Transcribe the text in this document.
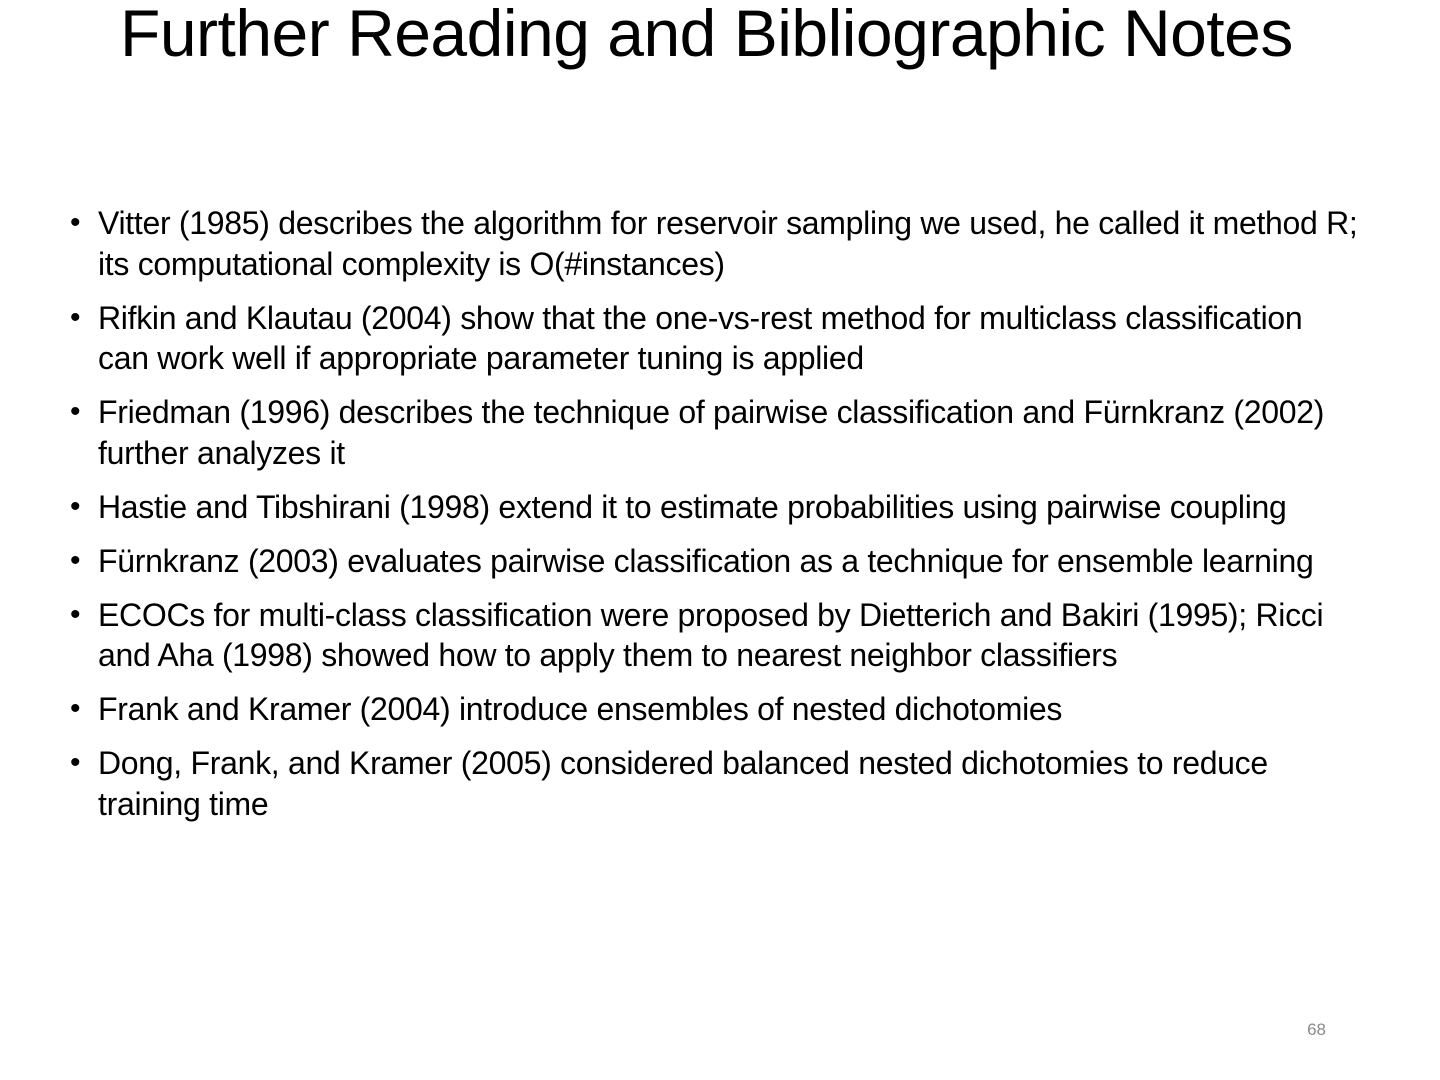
Further Reading and Bibliographic Notes
• Vitter (1985) describes the algorithm for reservoir sampling we used, he called it method R; its computational complexity is O(#instances)
• Rifkin and Klautau (2004) show that the one-vs-rest method for multiclass classification can work well if appropriate parameter tuning is applied
• Friedman (1996) describes the technique of pairwise classification and Fürnkranz (2002) further analyzes it
• Hastie and Tibshirani (1998) extend it to estimate probabilities using pairwise coupling
• Fürnkranz (2003) evaluates pairwise classification as a technique for ensemble learning
• ECOCs for multi-class classification were proposed by Dietterich and Bakiri (1995); Ricci and Aha (1998) showed how to apply them to nearest neighbor classifiers
• Frank and Kramer (2004) introduce ensembles of nested dichotomies
• Dong, Frank, and Kramer (2005) considered balanced nested dichotomies to reduce training time
68
